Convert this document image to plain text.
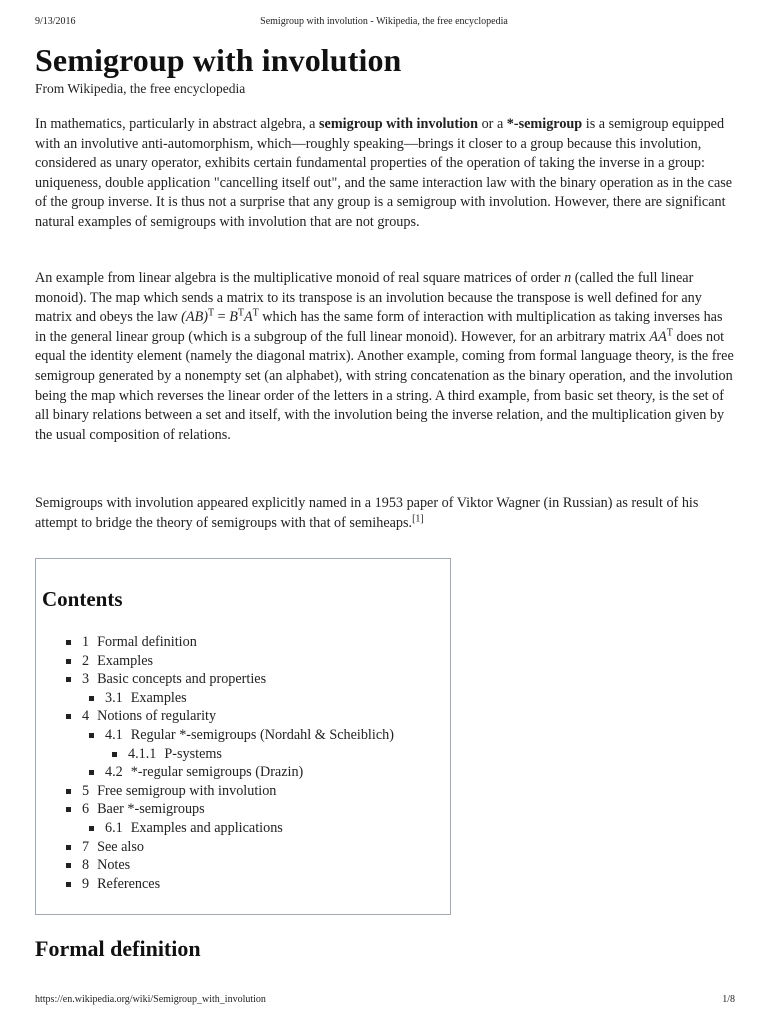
9/13/2016	Semigroup with involution - Wikipedia, the free encyclopedia
Semigroup with involution
From Wikipedia, the free encyclopedia

In mathematics, particularly in abstract algebra, a semigroup with involution or a *-semigroup is a semigroup equipped with an involutive anti-automorphism, which—roughly speaking—brings it closer to a group because this involution, considered as unary operator, exhibits certain fundamental properties of the operation of taking the inverse in a group: uniqueness, double application "cancelling itself out", and the same interaction law with the binary operation as in the case of the group inverse. It is thus not a surprise that any group is a semigroup with involution. However, there are significant natural examples of semigroups with involution that are not groups.

An example from linear algebra is the multiplicative monoid of real square matrices of order n (called the full linear monoid). The map which sends a matrix to its transpose is an involution because the transpose is well defined for any matrix and obeys the law $(AB)^T = B^TA^T$ which has the same form of interaction with multiplication as taking inverses has in the general linear group (which is a subgroup of the full linear monoid). However, for an arbitrary matrix $AA^T$ does not equal the identity element (namely the diagonal matrix). Another example, coming from formal language theory, is the free semigroup generated by a nonempty set (an alphabet), with string concatenation as the binary operation, and the involution being the map which reverses the linear order of the letters in a string. A third example, from basic set theory, is the set of all binary relations between a set and itself, with the involution being the inverse relation, and the multiplication given by the usual composition of relations.

Semigroups with involution appeared explicitly named in a 1953 paper of Viktor Wagner (in Russian) as result of his attempt to bridge the theory of semigroups with that of semiheaps.[1]

Contents
1 Formal definition
2 Examples
3 Basic concepts and properties
3.1 Examples
4 Notions of regularity
4.1 Regular *-semigroups (Nordahl & Scheiblich)
4.1.1 P-systems
4.2 *-regular semigroups (Drazin)
5 Free semigroup with involution
6 Baer *-semigroups
6.1 Examples and applications
7 See also
8 Notes
9 References
Formal definition
https://en.wikipedia.org/wiki/Semigroup_with_involution	1/8
